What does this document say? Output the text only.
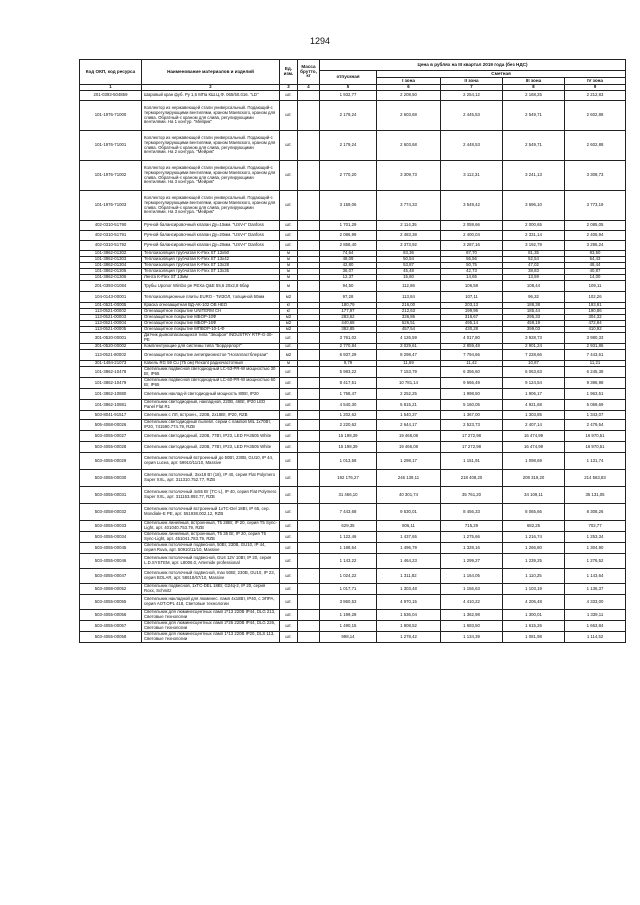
1294
Код ОКП, код ресурса	Наименование материалов и изделий	Ед. изм.	Масса брутто, кг	Цена в рублях на III квартал 2019 года (без НДС)				
				отпускная	Сметная			
					I зона	II зона	III зона	IV зона
1	2	3	4	5	6	7	8	9
201-0393-504859	Шаровый кран фуб. Ру 1,6 МПа КШ.Ц.Ф. 065/50.016. "LD"	шт.		1 932,77	2 208,50	2 254,12	2 168,25	2 212,83
101-1976-71000	Коллектор из нержавеющей стали универсальный. Подающий-с терморегулирующими вентилями, краном Маевского, краном для слива. Обратный-с краном для слива, регулирующими вентилями. На 1 контур. "Мейрик"	шт.		2 179,24	2 603,68	2 445,53	2 549,71	2 602,88
101-1976-71001	Коллектор из нержавеющей стали универсальный. Подающий-с терморегулирующими вентилями, краном Маевского, краном для слива. Обратный-с краном для слива, регулирующими вентилями. На 2 контура. "Мейрик"	шт.		2 179,24	2 603,68	2 448,53	2 549,71	2 602,88
101-1976-71002	Коллектор из нержавеющей стали универсальный. Подающий-с терморегулирующими вентилями, краном Маевского, краном для слива. Обратный-с краном для слива, регулирующими вентилями. На 3 контура. "Мейрик"	шт.		2 770,20	3 309,73	3 112,31	3 241,13	3 308,73
101-1976-71003	Коллектор из нержавеющей стали универсальный. Подающий-с терморегулирующими вентилями, краном Маевского, краном для слива. Обратный-с краном для слива, регулирующими вентилями. На 3 контура. "Мейрик"	шт.		3 159,06	3 774,33	3 549,42	3 696,10	3 773,19
402-0310-51790	Ручной балансировочный клапан Ду=15мм. "USV-I" Danfoss	шт.		1 701,29	2 114,35	2 059,66	2 000,65	2 085,05
402-0310-51791	Ручной балансировочный клапан Ду=20мм. "USV-I" Danfoss	шт.		2 086,99	2 483,38	2 400,04	2 331,14	2 405,94
402-0310-51792	Ручной балансировочный клапан Ду=25мм. "USV-I" Danfoss	шт.		2 858,40	3 373,92	3 287,16	3 192,79	3 295,24
101-3862-01302	Теплоизоляция трубчатая K-Flex ST 13х50	м		74,64	83,36	87,70	81,35	83,50
101-3862-01303	Теплоизоляция трубчатая K-Flex ST 13х42	м		48,09	50,54	56,56	52,54	54,43
101-3862-01304	Теплоизоляция трубчатая K-Flex ST 13х28	м		42,80	53,87	50,75	47,02	48,44
101-3862-01305	Теплоизоляция трубчатая K-Flex ST 13х35	м		36,07	45,48	42,73	38,83	40,87
101-3862-01306	Лента K-Flex ST 13мм	м		12,37	15,60	14,65	13,59	14,00
201-0393-01084	Трубы Uponor Wirsbo pe PEXa Q&E 55,6 20х2,8 6бар	м		94,50	112,86	106,58	108,44	109,11
104-0143-00001	Теплоизоляционные плиты EURO - ТИЗОЛ, толщиной 50мм	м2		97,28	113,84	107,11	96,32	102,26
101-0521-00005	Краска огнезащитная ВД-АК-102 ОВ НЕО	кг		180,79	216,00	203,13	188,38	193,91
113-0521-00002	Огнезащитное покрытие UNITERM СН	кг		177,97	212,63	199,96	185,44	190,86
113-0521-00003	Огнезащитное покрытие МБОР-10Ф	м2		283,62	336,86	316,67	295,33	304,32
113-0521-00004	Огнезащитное покрытие МБОР-16Ф	м2		440,68	526,51	495,14	459,19	472,84
113-0521-00005	Огнезащитное покрытие МПВОР-10-1-Ф	м2		382,85	457,54	430,28	399,03	410,92
301-0520-00001	Датчик дымоопасающихся типа "Эвофон" INDUSTRY RTP-G-30-РЕ	шт.		3 761,02	4 126,59	4 017,80	3 928,73	3 980,33
301-0520-00002	Комплектующие для системы типа "Бордерлорт"	шт.		2 770,84	3 029,61	2 859,48	2 901,24	2 931,86
113-0521-80002	Огнезащитное покрытие антиприонистое "Ногапластблерзаи"	м2		6 937,29	8 298,47	7 794,66	7 228,66	7 443,61
301-1494-21073	Кабель RG 59 Cu (75 ом) Rexant радиочастотный	м		9,79	11,69	11,42	10,87	11,21
101-3862-10478	Светильник подвесной светодиодный LC-53-PR-W мощностью 30 Вт, IP65	шт.		5 983,22	7 153,79	6 356,60	6 063,63	6 245,38
101-3862-10479	Светильник подвесной светодиодный LC-60-PR-W мощностью 60 Вт, IP65	шт.		8 417,51	10 781,14	9 566,49	9 124,54	9 396,98
101-3862-10880	Светильник наклад-й светодиодный мощность 80Вт, IP20	шт.		1 758,47	2 252,25	1 998,50	1 906,17	1 963,51
101-3862-10881	Светильник светодиодный, накладной, 220В, 46Вт, IP20 LED Panel Flat R1	шт.		4 540,30	5 815,21	5 160,05	4 921,68	5 069,69
503-8041-91517	Светильник с ЛЛ, встроен., 220В, 2х18Вт, IP20, RZB	шт.		1 202,62	1 540,37	1 367,00	1 303,85	1 343,07
505-4068-00026	Светильник светодиодный пылевл. серии с лампой MIL 1х70Вт, IP20, 741590.774.79, RZB	шт.		2 220,62	2 644,17	2 523,73	2 407,14	2 479,54
503-4055-00027	Светильник светодиодный, 220В, 77Вт, IP23, LED PA3505 White	шт.		15 198,39	19 466,08	17 272,98	16 474,99	16 970,51
503-4055-00028	Светильник светодиодный, 220В, 77Вт, IP23, LED PA3505 White	шт.		15 198,39	19 466,08	17 272,98	16 474,99	16 970,51
503-4055-00029	Светильник потолочный встроенный до 50Вт, 230В, GU10, IP 44, серия Lucea, арт. 59910/11/10, Massive	шт.		1 013,58	1 298,17	1 151,91	1 098,69	1 131,74
503-4055-00030	Светильник потолочный, 3хх18 Вт (18), IP 40, серия Flat Polymero Super XXL, арт. 311310.752.77, RZB	шт.		192 176,27	246 139,11	218 408,20	208 319,20	214 563,83
503-4055-00031	Светильник потолочный 4х55 Вт (TC-L), IP 40, серия Flat Polymero Super XXL, арт. 311153.892.77, RZB	шт.		31 466,10	40 301,74	35 761,20	34 109,11	35 131,05
503-4058-00032	Светильник потолочный встроенный 1хTC-Del 18Вт, IP 65, сер. Mondiale-E PE, арт. 551938.002.12, RZB	шт.		7 443,68	9 530,01	8 456,33	8 065,66	8 308,26
503-4055-00033	Светильник линейный, встроенный, Т5 28Вт, IP 20, серия Т5 Sync-Light, арт. 401040.753.79, RZB	шт.		629,35	806,11	715,29	682,25	702,77
503-4055-00034	Светильник линейный, встроенный, Т5 35 Вт, IP 20, серия Т5 Sync-Light, арт. 451041.783.79, RZB	шт.		1 122,46	1 437,65	1 275,66	1 216,74	1 253,34
503-4055-00045	Светильник потолочный подвесной, 50Вт, 230В, GU10, IP 44, серия Ruva, арт. 50910/11/10, Massive	шт.		1 188,64	1 496,79	1 328,16	1 266,80	1 304,90
503-4055-00046	Светильник потолочный подвесной, GU4 12V 10Вт, IP 20, серия L.D.SYSTEM, арт. L8006.0, Artemide professional	шт.		1 143,22	1 464,23	1 299,27	1 239,25	1 276,52
503-4055-00047	Светильник потолочный подвесной, max 50Вт, 230В, GU10, IP 23, серия BOLAR, арт. 58618/67/10, Massive	шт.		1 024,22	1 311,82	1 164,05	1 110,25	1 143,64
503-4088-00052	Светильник подвесной, 1хTC-DEL 18Вт, G24q-2, IP 20, серия Roxx, Schmitz	шт.		1 017,71	1 303,48	1 156,63	1 103,19	1 136,37
503-4055-00055	Светильник накладной для люминес. ламп 4х18Вт, IP40, с ЭПРА, серия AOT.OPL 418, Световые технологии	шт.		3 860,53	4 970,15	4 410,22	4 206,48	4 333,00
503-4055-00056	Светильник для люминесцентных ламп 2*13 220В IP44, DLG 213, Световые технологии	шт.		1 199,28	1 536,04	1 362,98	1 300,01	1 339,11
503-4055-00057	Светильник для люминесцентных ламп 2*26 220В IP44, DLG 226, Световые технологии	шт.		1 490,15	1 908,52	1 693,50	1 615,26	1 663,84
503-4055-00058	Светильник для люминесцентных ламп 1*13 220В IP20, DLS 113, Световые технологии	шт.		998,14	1 278,42	1 134,39	1 081,98	1 114,52
